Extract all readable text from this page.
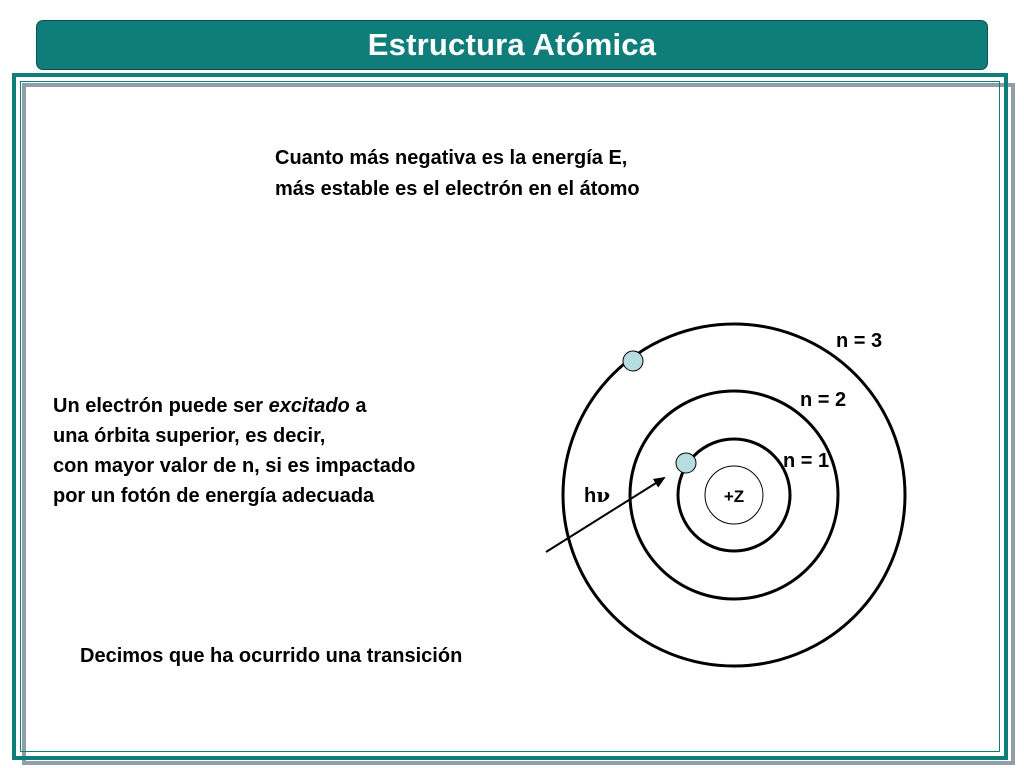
Estructura Atómica
Cuanto más negativa es la energía E,
más estable es el electrón en el átomo
Un electrón puede ser excitado a
una órbita superior, es decir,
con mayor valor de n, si es impactado
por un fotón de energía adecuada
Decimos que ha ocurrido una transición
+Z
n = 3
n = 2
n = 1
hν
